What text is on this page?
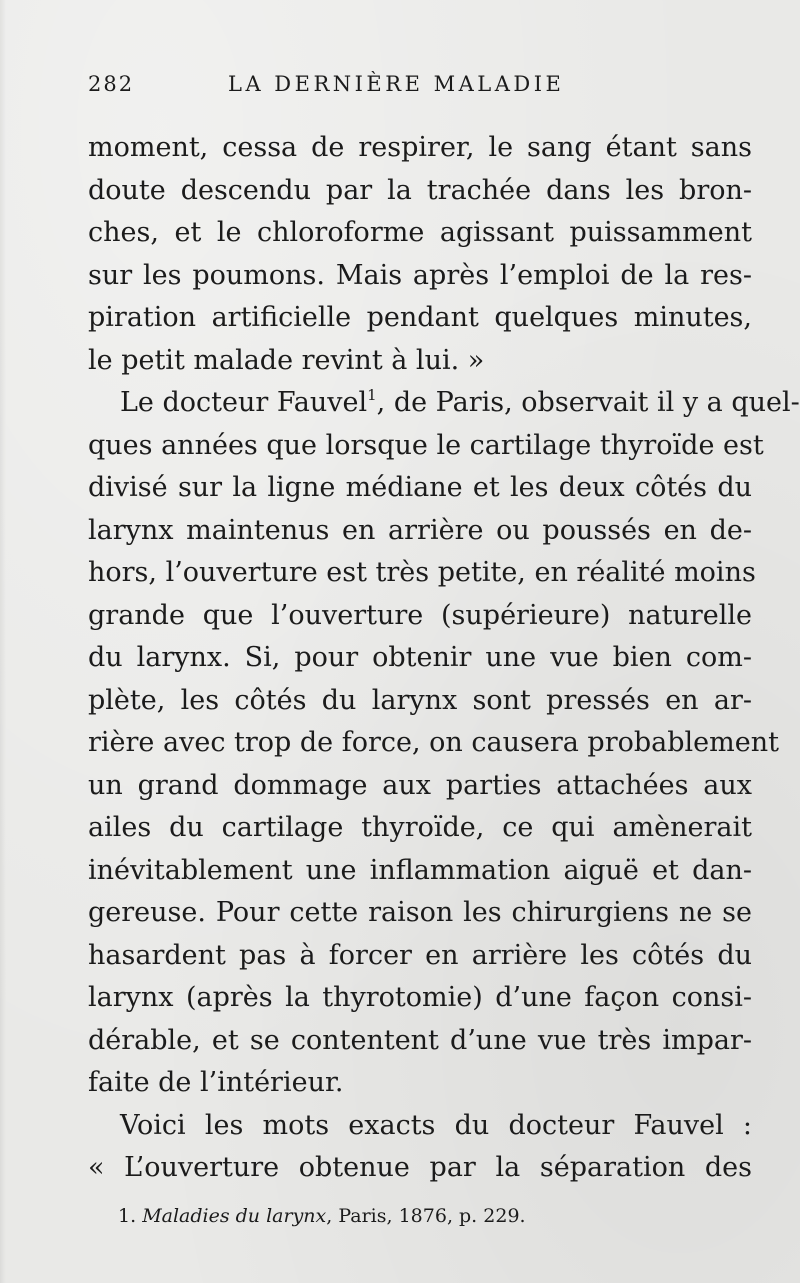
282	LA DERNIÈRE MALADIE
moment, cessa de respirer, le sang étant sans
doute descendu par la trachée dans les bron-
ches, et le chloroforme agissant puissamment
sur les poumons. Mais après l’emploi de la res-
piration artificielle pendant quelques minutes,
le petit malade revint à lui. »
Le docteur Fauvel$^1$, de Paris, observait il y a quel-
ques années que lorsque le cartilage thyroïde est
divisé sur la ligne médiane et les deux côtés du
larynx maintenus en arrière ou poussés en de-
hors, l’ouverture est très petite, en réalité moins
grande que l’ouverture (supérieure) naturelle
du larynx. Si, pour obtenir une vue bien com-
plète, les côtés du larynx sont pressés en ar-
rière avec trop de force, on causera probablement
un grand dommage aux parties attachées aux
ailes du cartilage thyroïde, ce qui amènerait
inévitablement une inflammation aiguë et dan-
gereuse. Pour cette raison les chirurgiens ne se
hasardent pas à forcer en arrière les côtés du
larynx (après la thyrotomie) d’une façon consi-
dérable, et se contentent d’une vue très impar-
faite de l’intérieur.
Voici les mots exacts du docteur Fauvel :
« L’ouverture obtenue par la séparation des
1. Maladies du larynx, Paris, 1876, p. 229.
